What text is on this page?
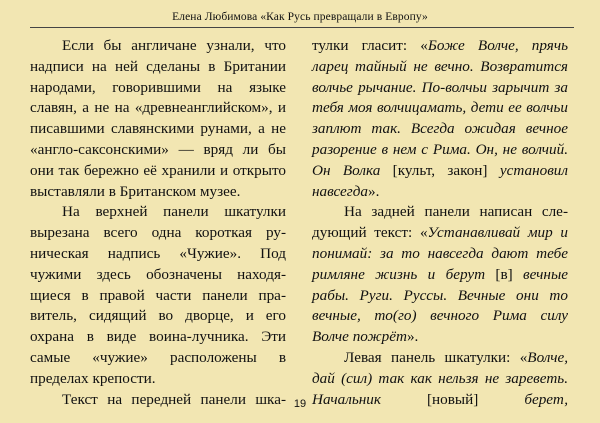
Елена Любимова «Как Русь превращали в Европу»

Если бы англичане узнали, что надписи на ней сделаны в Британии народами, говорившими на языке славян, а не на «древнеанглийском», и писавшими славянскими рунами, а не «англо-саксонскими» — вряд ли бы они так бережно её хранили и открыто выставляли в Британском музее.

На верхней панели шкатулки вырезана всего одна короткая руническая надпись «Чужие». Под чужими здесь обозначены находящиеся в правой части панели правитель, сидящий во дворце, и его охрана в виде воина-лучника. Эти самые «чужие» расположены в пределах крепости.

Текст на передней панели шка-

тулки гласит: «Боже Волче, прячь ларец тайный не вечно. Возвратится волчье рычание. По-волчьи зарычит за тебя моя волчицамать, дети ее волчьи заплют так. Всегда ожидая вечное разорение в нем с Рима. Он, не волчий. Он Волка [культ, закон] установил навсегда».

На задней панели написан следующий текст: «Устанавливай мир и понимай: за то навсегда дают тебе римляне жизнь и берут [в] вечные рабы. Руги. Руссы. Вечные они то вечные, то(го) вечного Рима силу Волче пожрёт».

Левая панель шкатулки: «Волче, дай (сил) так как нельзя не зареветь. Начальник [новый] берет,

19
